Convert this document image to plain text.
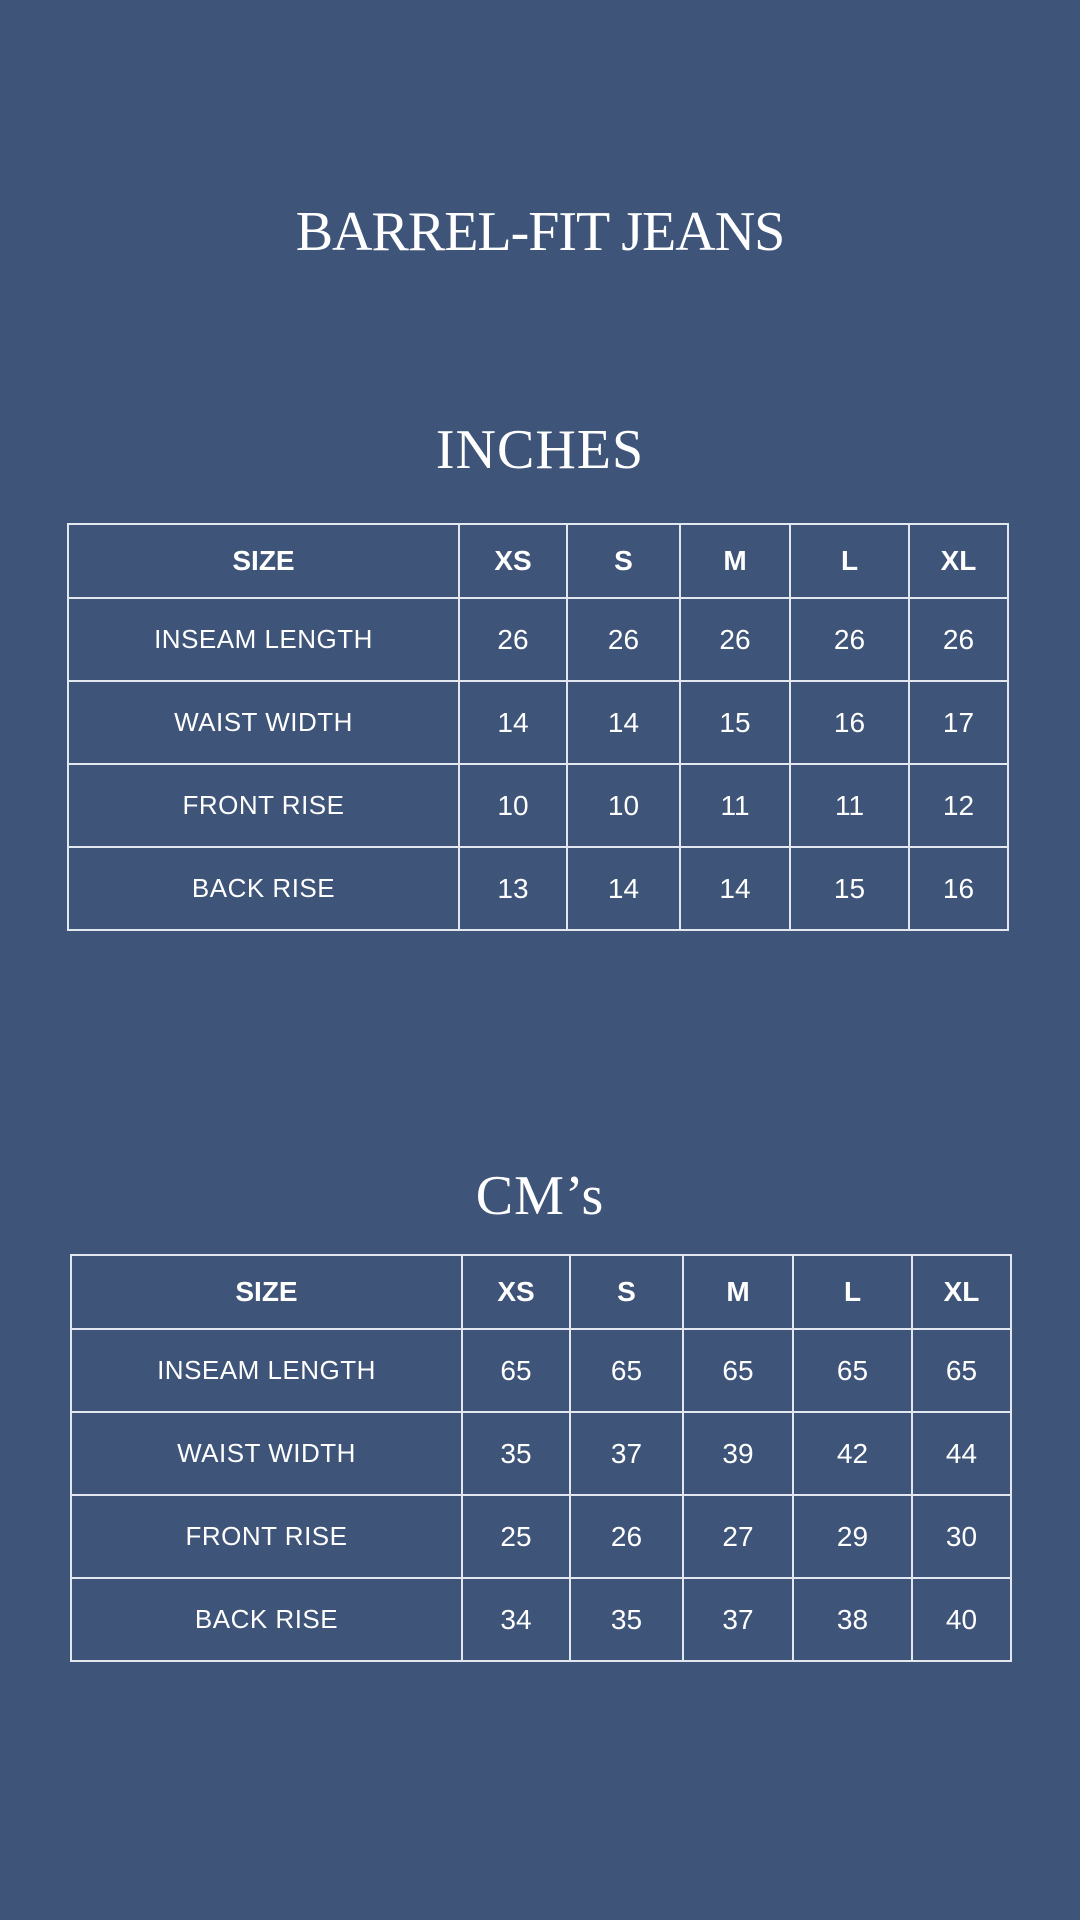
BARREL-FIT JEANS
INCHES
SIZE	XS	S	M	L	XL
INSEAM LENGTH	26	26	26	26	26
WAIST WIDTH	14	14	15	16	17
FRONT RISE	10	10	11	11	12
BACK RISE	13	14	14	15	16
CM’s
SIZE	XS	S	M	L	XL
INSEAM LENGTH	65	65	65	65	65
WAIST WIDTH	35	37	39	42	44
FRONT RISE	25	26	27	29	30
BACK RISE	34	35	37	38	40
